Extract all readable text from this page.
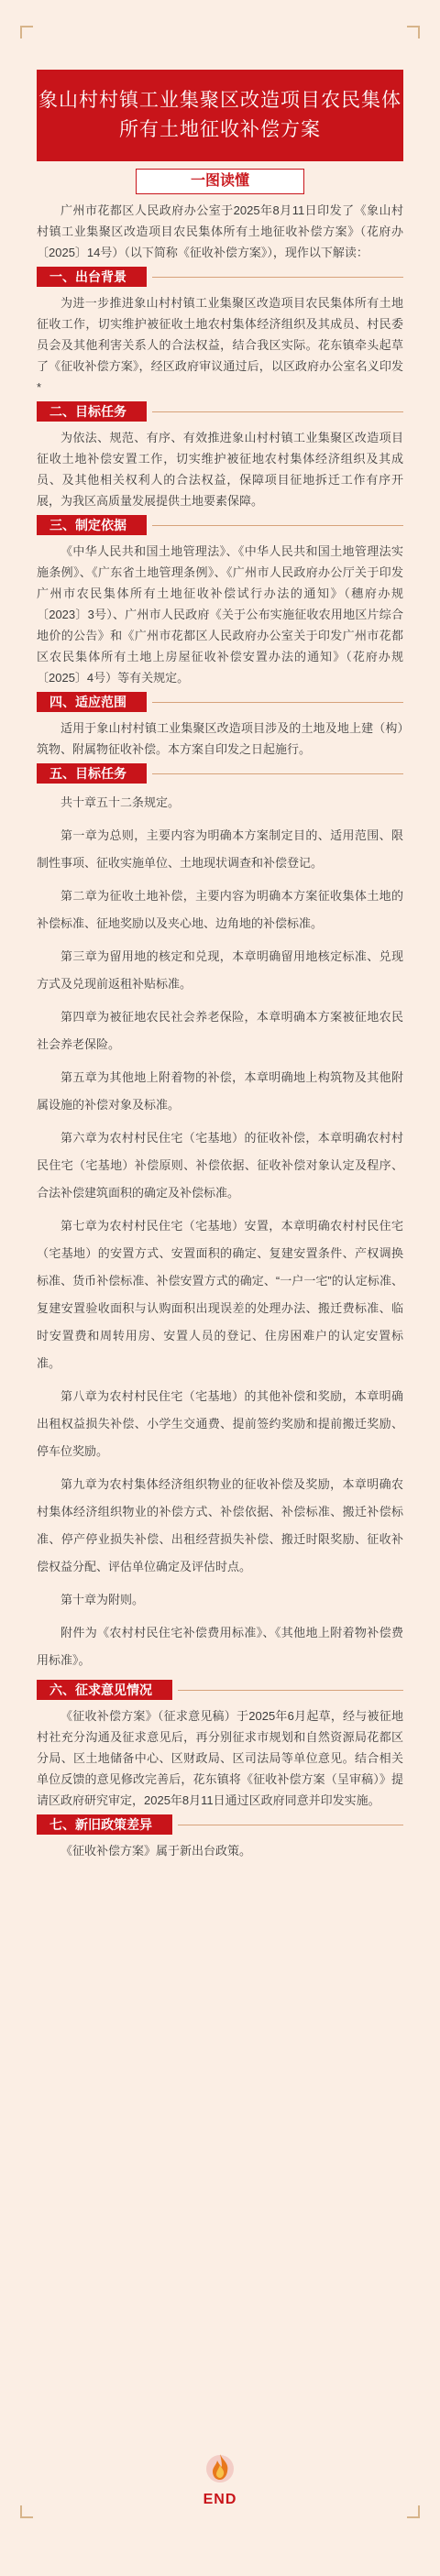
象山村村镇工业集聚区改造项目农民集体所有土地征收补偿方案
一图读懂

广州市花都区人民政府办公室于2025年8月11日印发了《象山村村镇工业集聚区改造项目农民集体所有土地征收补偿方案》（花府办〔2025〕14号）（以下简称《征收补偿方案》），现作以下解读：

一、出台背景

为进一步推进象山村村镇工业集聚区改造项目农民集体所有土地征收工作，切实维护被征收土地农村集体经济组织及其成员、村民委员会及其他利害关系人的合法权益，结合我区实际。花东镇牵头起草了《征收补偿方案》，经区政府审议通过后，以区政府办公室名义印发 *

二、目标任务

为依法、规范、有序、有效推进象山村村镇工业集聚区改造项目征收土地补偿安置工作，切实维护被征地农村集体经济组织及其成员、及其他相关权利人的合法权益，保障项目征地拆迁工作有序开展，为我区高质量发展提供土地要素保障。

三、制定依据

《中华人民共和国土地管理法》、《中华人民共和国土地管理法实施条例》、《广东省土地管理条例》、《广州市人民政府办公厅关于印发广州市农民集体所有土地征收补偿试行办法的通知》（穗府办规〔2023〕3号）、广州市人民政府《关于公布实施征收农用地区片综合地价的公告》和《广州市花都区人民政府办公室关于印发广州市花都区农民集体所有土地上房屋征收补偿安置办法的通知》（花府办规〔2025〕4号）等有关规定。

四、适应范围

适用于象山村村镇工业集聚区改造项目涉及的土地及地上建（构）筑物、附属物征收补偿。本方案自印发之日起施行。

五、目标任务

共十章五十二条规定。

第一章为总则，主要内容为明确本方案制定目的、适用范围、限制性事项、征收实施单位、土地现状调查和补偿登记。

第二章为征收土地补偿，主要内容为明确本方案征收集体土地的补偿标准、征地奖励以及夹心地、边角地的补偿标准。

第三章为留用地的核定和兑现，本章明确留用地核定标准、兑现方式及兑现前返租补贴标准。

第四章为被征地农民社会养老保险，本章明确本方案被征地农民社会养老保险。

第五章为其他地上附着物的补偿，本章明确地上构筑物及其他附属设施的补偿对象及标准。

第六章为农村村民住宅（宅基地）的征收补偿，本章明确农村村民住宅（宅基地）补偿原则、补偿依据、征收补偿对象认定及程序、合法补偿建筑面积的确定及补偿标准。

第七章为农村村民住宅（宅基地）安置，本章明确农村村民住宅（宅基地）的安置方式、安置面积的确定、复建安置条件、产权调换标准、货币补偿标准、补偿安置方式的确定、“一户一宅”的认定标准、复建安置验收面积与认购面积出现误差的处理办法、搬迁费标准、临时安置费和周转用房、安置人员的登记、住房困难户的认定安置标准。

第八章为农村村民住宅（宅基地）的其他补偿和奖励，本章明确出租权益损失补偿、小学生交通费、提前签约奖励和提前搬迁奖励、停车位奖励。

第九章为农村集体经济组织物业的征收补偿及奖励，本章明确农村集体经济组织物业的补偿方式、补偿依据、补偿标准、搬迁补偿标准、停产停业损失补偿、出租经营损失补偿、搬迁时限奖励、征收补偿权益分配、评估单位确定及评估时点。

第十章为附则。

附件为《农村村民住宅补偿费用标准》、《其他地上附着物补偿费用标准》。

六、征求意见情况

《征收补偿方案》（征求意见稿）于2025年6月起草，经与被征地村社充分沟通及征求意见后，再分别征求市规划和自然资源局花都区分局、区土地储备中心、区财政局、区司法局等单位意见。结合相关单位反馈的意见修改完善后，花东镇将《征收补偿方案（呈审稿）》提请区政府研究审定，2025年8月11日通过区政府同意并印发实施。

七、新旧政策差异

《征收补偿方案》属于新出台政策。

END
